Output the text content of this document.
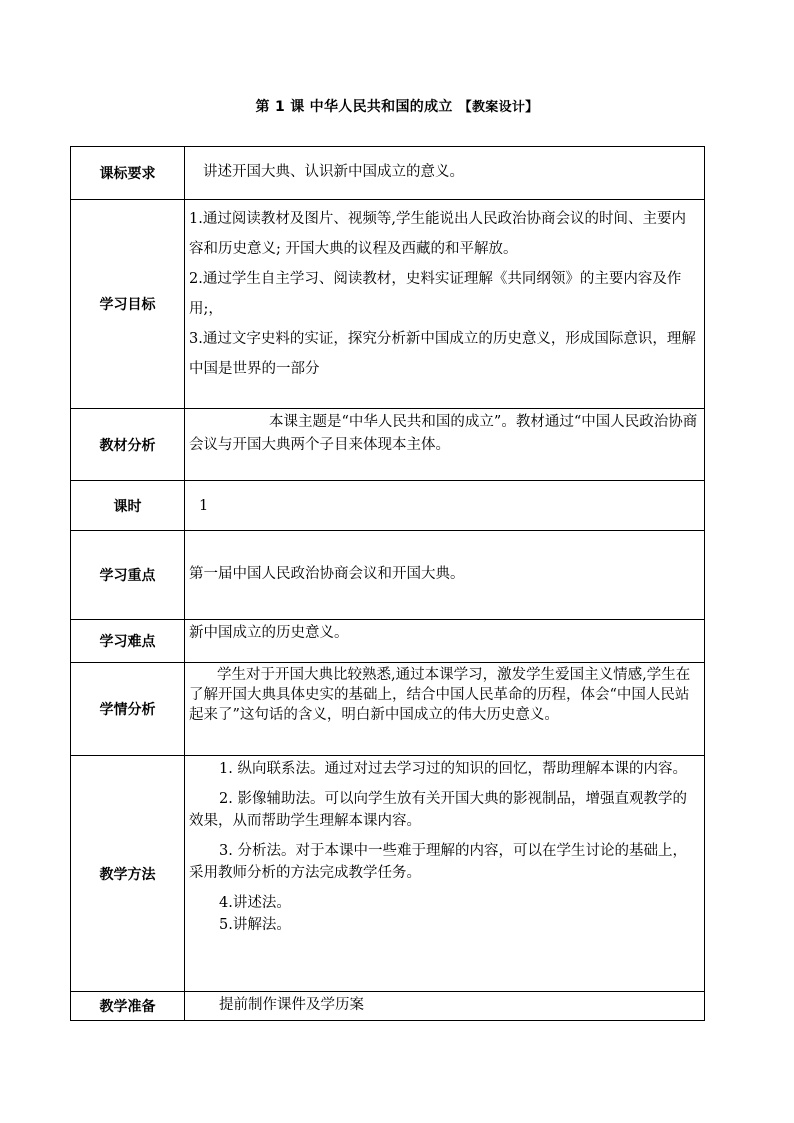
第 1 课 中华人民共和国的成立 【教案设计】
课标要求	讲述开国大典、认识新中国成立的意义。
学习目标	1.通过阅读教材及图片、视频等,学生能说出人民政治协商会议的时间、主要内容和历史意义; 开国大典的议程及西藏的和平解放。
2.通过学生自主学习、阅读教材，史料实证理解《共同纲领》的主要内容及作用;，
3.通过文字史料的实证，探究分析新中国成立的历史意义，形成国际意识，理解中国是世界的一部分

教材分析	本课主题是“中华人民共和国的成立”。教材通过“中国人民政治协商会议与开国大典两个子目来体现本主体。
课时	1
学习重点	第一届中国人民政治协商会议和开国大典。
学习难点	新中国成立的历史意义。
学情分析	学生对于开国大典比较熟悉,通过本课学习，激发学生爱国主义情感,学生在了解开国大典具体史实的基础上，结合中国人民革命的历程，体会“中国人民站起来了”这句话的含义，明白新中国成立的伟大历史意义。
教学方法	1. 纵向联系法。通过对过去学习过的知识的回忆，帮助理解本课的内容。

2. 影像辅助法。可以向学生放有关开国大典的影视制品，增强直观教学的效果，从而帮助学生理解本课内容。

3. 分析法。对于本课中一些难于理解的内容，可以在学生讨论的基础上，采用教师分析的方法完成教学任务。

4.讲述法。

5.讲解法。

教学准备	提前制作课件及学历案
